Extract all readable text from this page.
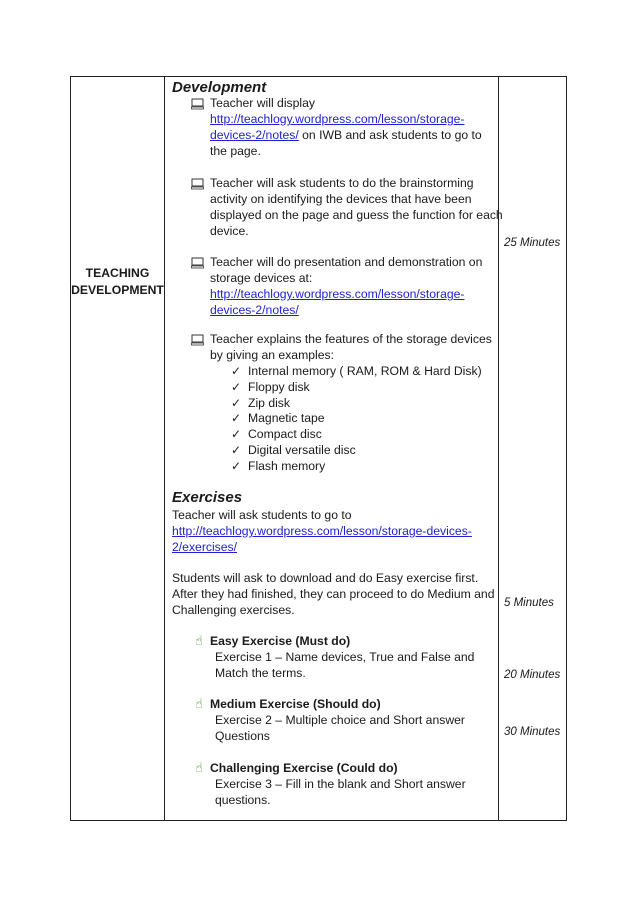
TEACHING
DEVELOPMENT
Development
Teacher will display
http://teachlogy.wordpress.com/lesson/storage-
devices-2/notes/ on IWB and ask students to go to
the page.
Teacher will ask students to do the brainstorming
activity on identifying the devices that have been
displayed on the page and guess the function for each
device.
Teacher will do presentation and demonstration on
storage devices at:
http://teachlogy.wordpress.com/lesson/storage-
devices-2/notes/
Teacher explains the features of the storage devices
by giving an examples:
✓ Internal memory ( RAM, ROM & Hard Disk)
✓ Floppy disk
✓ Zip disk
✓ Magnetic tape
✓ Compact disc
✓ Digital versatile disc
✓ Flash memory
Exercises
Teacher will ask students to go to
http://teachlogy.wordpress.com/lesson/storage-devices-
2/exercises/
Students will ask to download and do Easy exercise first.
After they had finished, they can proceed to do Medium and
Challenging exercises.
☝ Easy Exercise (Must do)
Exercise 1 – Name devices, True and False and
Match the terms.
☝ Medium Exercise (Should do)
Exercise 2 – Multiple choice and Short answer
Questions
☝ Challenging Exercise (Could do)
Exercise 3 – Fill in the blank and Short answer
questions.
25 Minutes
5 Minutes
20 Minutes
30 Minutes
